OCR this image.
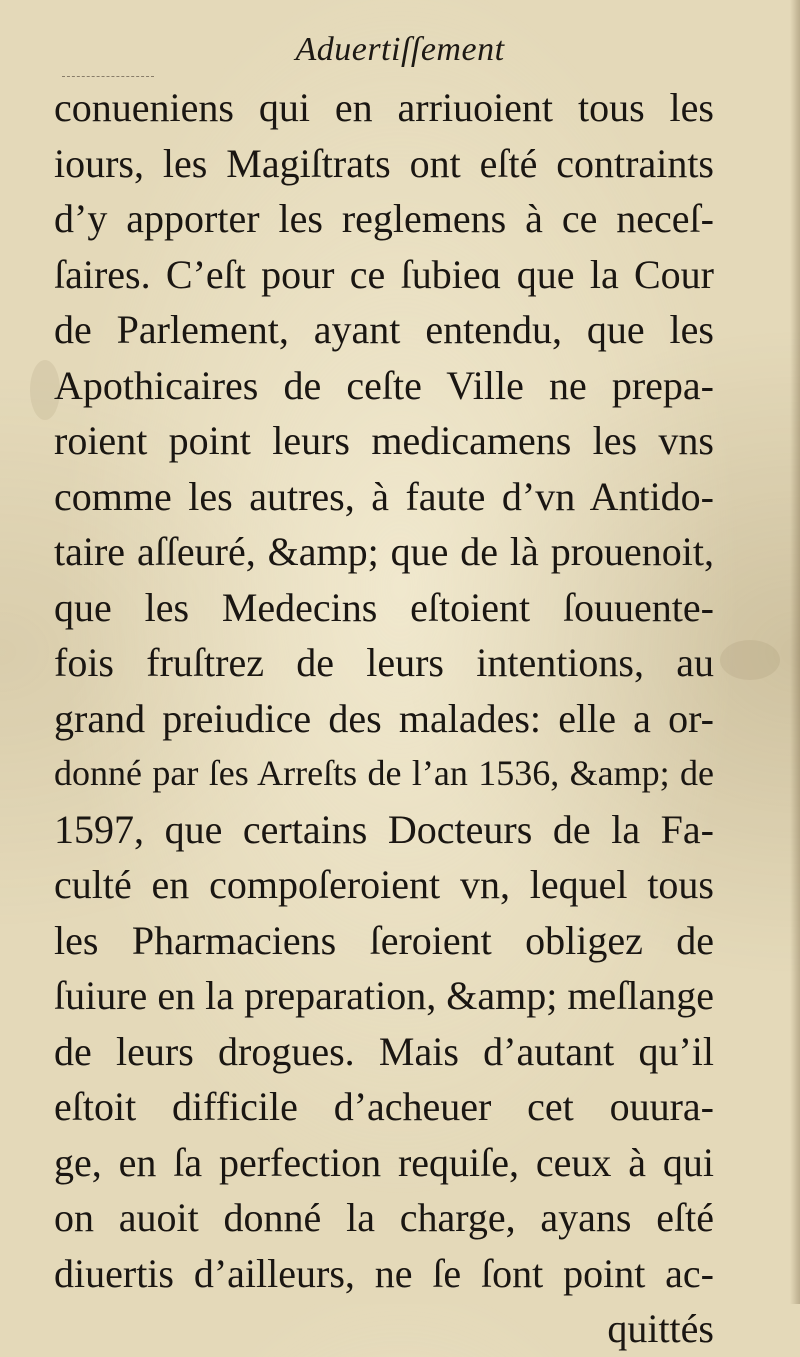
Aduertiſſement
conueniens qui en arriuoient tous les
iours, les Magiſtrats ont eſté contraints
d’y apporter les reglemens à ce neceſ-
ſaires. C’eſt pour ce ſubieɑ que la Cour
de Parlement, ayant entendu, que les
Apothicaires de ceſte Ville ne prepa-
roient point leurs medicamens les vns
comme les autres, à faute d’vn Antido-
taire aſſeuré, &amp; que de là prouenoit,
que les Medecins eſtoient ſouuente-
fois fruſtrez de leurs intentions, au
grand preiudice des malades: elle a or-
donné par ſes Arreſts de l’an 1536, &amp; de
1597, que certains Docteurs de la Fa-
culté en compoſeroient vn, lequel tous
les Pharmaciens ſeroient obligez de
ſuiure en la preparation, &amp; meſlange
de leurs drogues. Mais d’autant qu’il
eſtoit difficile d’acheuer cet ouura-
ge, en ſa perfection requiſe, ceux à qui
on auoit donné la charge, ayans eſté
diuertis d’ailleurs, ne ſe ſont point ac-
quittés
